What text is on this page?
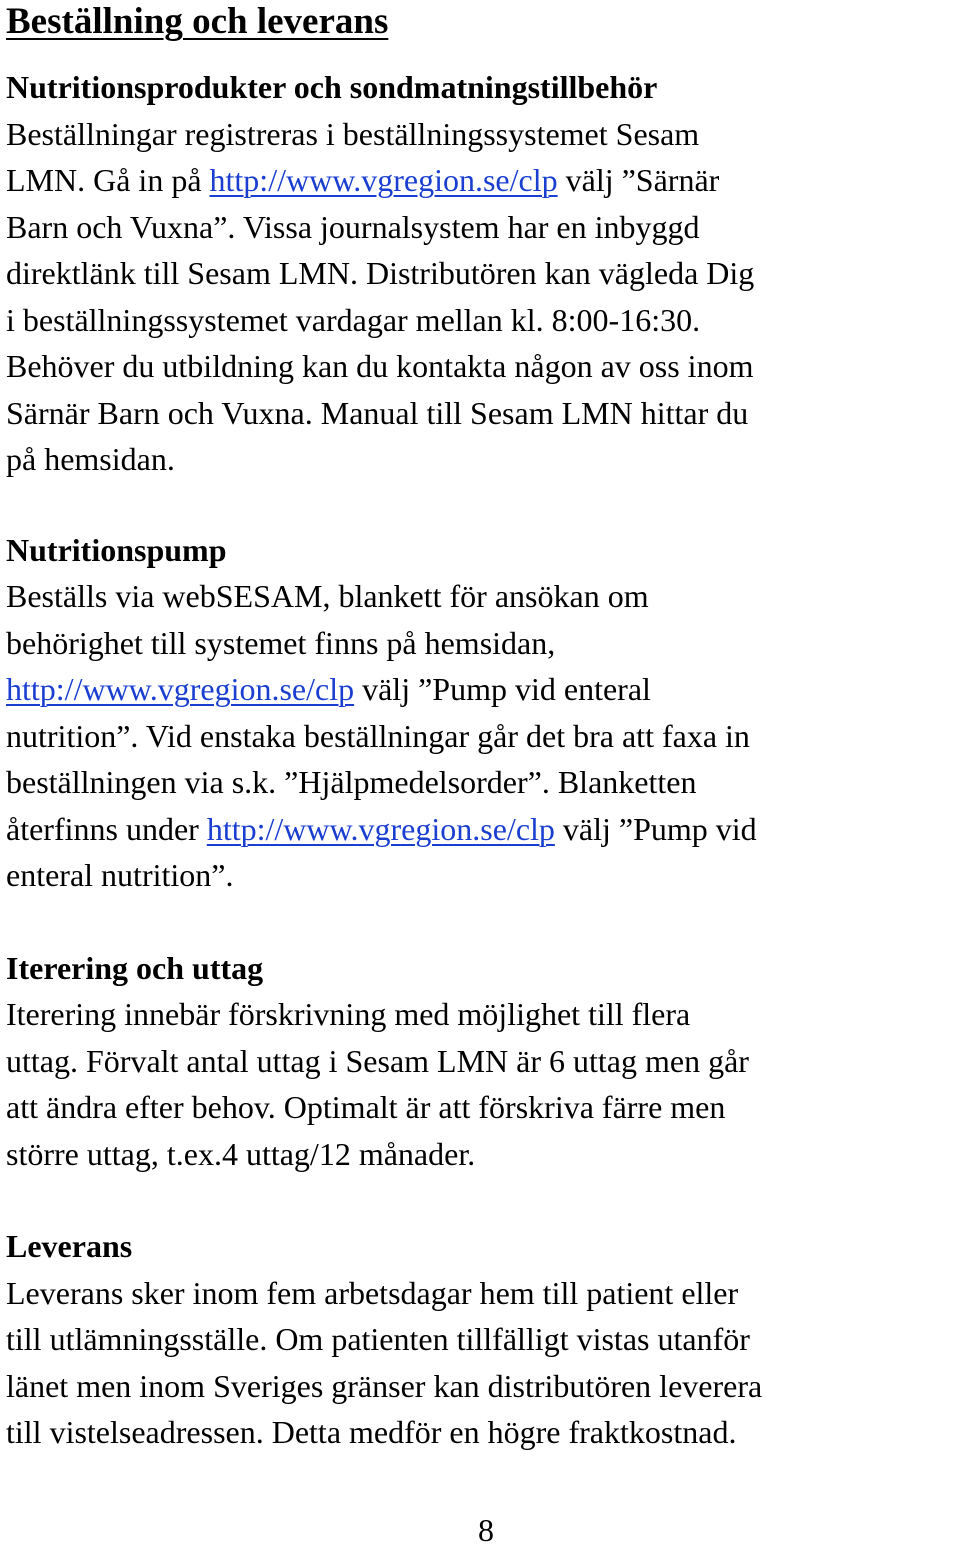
Beställning och leverans
Nutritionsprodukter och sondmatningstillbehör

Beställningar registreras i beställningssystemet Sesam
LMN. Gå in på http://www.vgregion.se/clp välj ”Särnär
Barn och Vuxna”. Vissa journalsystem har en inbyggd
direktlänk till Sesam LMN. Distributören kan vägleda Dig
i beställningssystemet vardagar mellan kl. 8:00-16:30.
Behöver du utbildning kan du kontakta någon av oss inom
Särnär Barn och Vuxna. Manual till Sesam LMN hittar du
på hemsidan.

Nutritionspump

Beställs via webSESAM, blankett för ansökan om
behörighet till systemet finns på hemsidan,
http://www.vgregion.se/clp välj ”Pump vid enteral
nutrition”. Vid enstaka beställningar går det bra att faxa in
beställningen via s.k. ”Hjälpmedelsorder”. Blanketten
återfinns under http://www.vgregion.se/clp välj ”Pump vid
enteral nutrition”.

Iterering och uttag

Iterering innebär förskrivning med möjlighet till flera
uttag. Förvalt antal uttag i Sesam LMN är 6 uttag men går
att ändra efter behov. Optimalt är att förskriva färre men
större uttag, t.ex.4 uttag/12 månader.

Leverans

Leverans sker inom fem arbetsdagar hem till patient eller
till utlämningsställe. Om patienten tillfälligt vistas utanför
länet men inom Sveriges gränser kan distributören leverera
till vistelseadressen. Detta medför en högre fraktkostnad.

8
